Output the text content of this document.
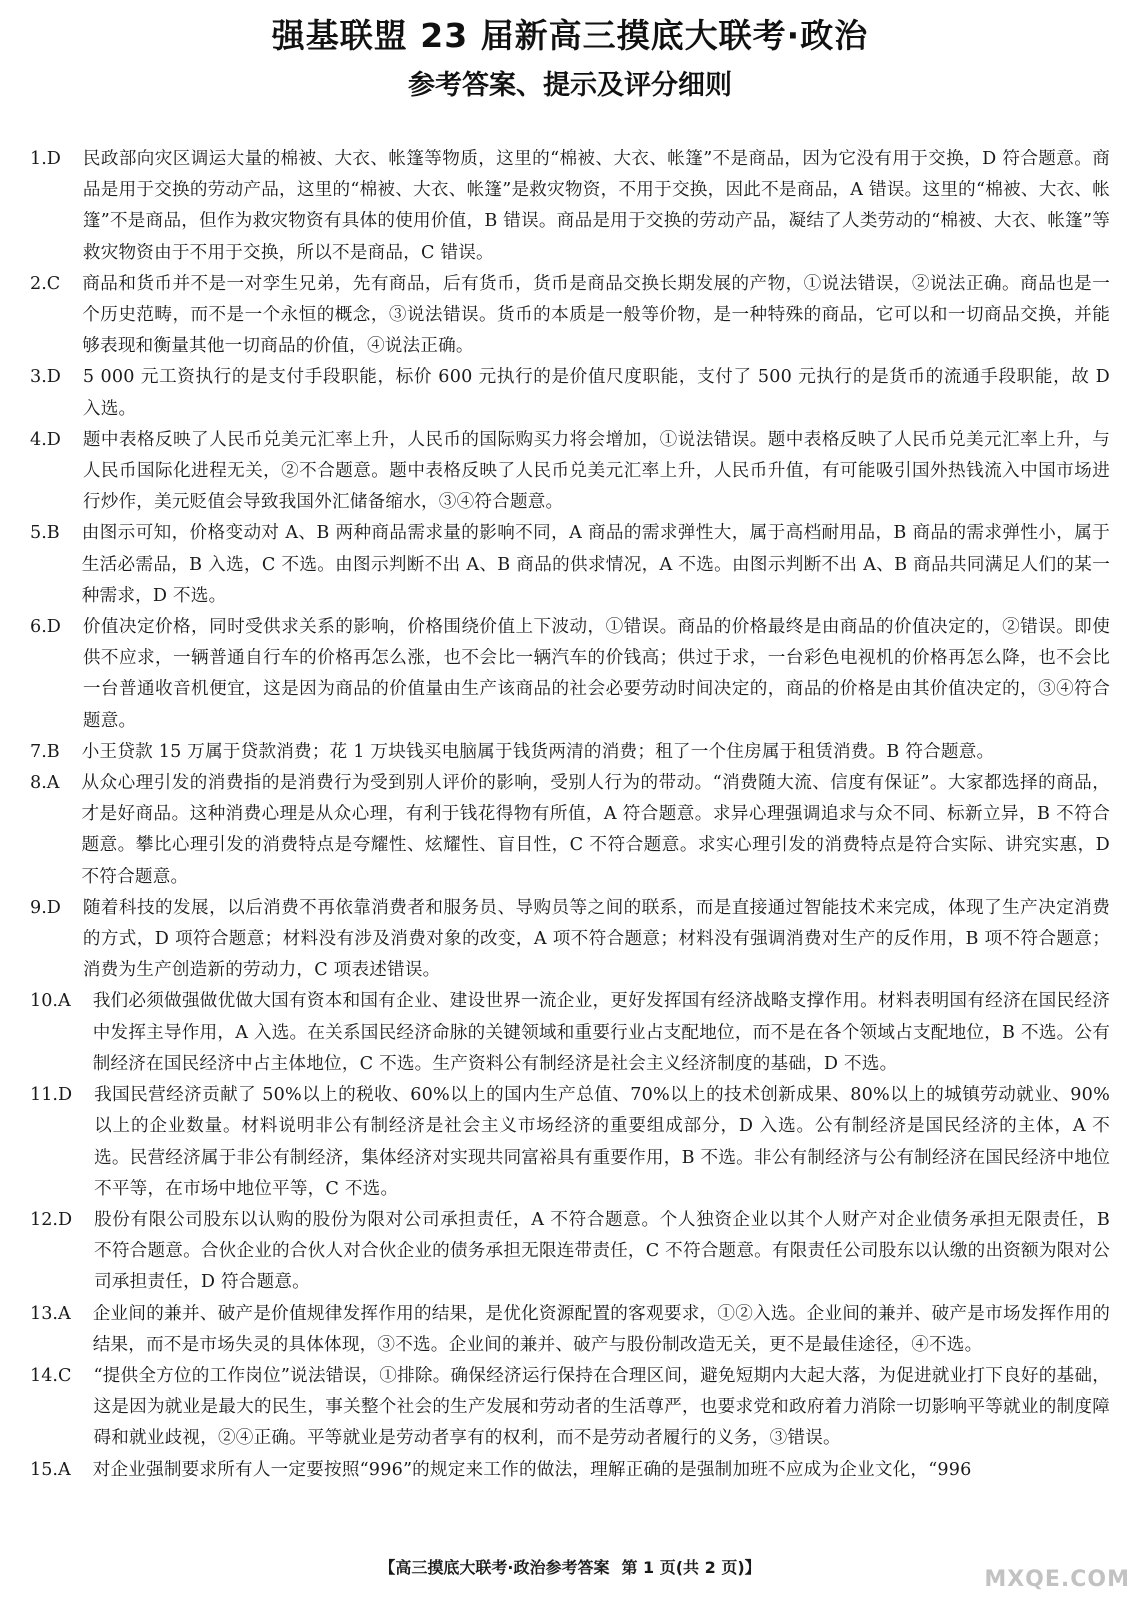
强基联盟 23 届新高三摸底大联考·政治
参考答案、提示及评分细则
1.D	民政部向灾区调运大量的棉被、大衣、帐篷等物质，这里的“棉被、大衣、帐篷”不是商品，因为它没有用于交换，D 符合题意。商品是用于交换的劳动产品，这里的“棉被、大衣、帐篷”是救灾物资，不用于交换，因此不是商品，A 错误。这里的“棉被、大衣、帐篷”不是商品，但作为救灾物资有具体的使用价值，B 错误。商品是用于交换的劳动产品，凝结了人类劳动的“棉被、大衣、帐篷”等救灾物资由于不用于交换，所以不是商品，C 错误。
2.C	商品和货币并不是一对孪生兄弟，先有商品，后有货币，货币是商品交换长期发展的产物，①说法错误，②说法正确。商品也是一个历史范畴，而不是一个永恒的概念，③说法错误。货币的本质是一般等价物，是一种特殊的商品，它可以和一切商品交换，并能够表现和衡量其他一切商品的价值，④说法正确。
3.D	5 000 元工资执行的是支付手段职能，标价 600 元执行的是价值尺度职能，支付了 500 元执行的是货币的流通手段职能，故 D 入选。
4.D	题中表格反映了人民币兑美元汇率上升，人民币的国际购买力将会增加，①说法错误。题中表格反映了人民币兑美元汇率上升，与人民币国际化进程无关，②不合题意。题中表格反映了人民币兑美元汇率上升，人民币升值，有可能吸引国外热钱流入中国市场进行炒作，美元贬值会导致我国外汇储备缩水，③④符合题意。
5.B	由图示可知，价格变动对 A、B 两种商品需求量的影响不同，A 商品的需求弹性大，属于高档耐用品，B 商品的需求弹性小，属于生活必需品，B 入选，C 不选。由图示判断不出 A、B 商品的供求情况，A 不选。由图示判断不出 A、B 商品共同满足人们的某一种需求，D 不选。
6.D	价值决定价格，同时受供求关系的影响，价格围绕价值上下波动，①错误。商品的价格最终是由商品的价值决定的，②错误。即使供不应求，一辆普通自行车的价格再怎么涨，也不会比一辆汽车的价钱高；供过于求，一台彩色电视机的价格再怎么降，也不会比一台普通收音机便宜，这是因为商品的价值量由生产该商品的社会必要劳动时间决定的，商品的价格是由其价值决定的，③④符合题意。
7.B	小王贷款 15 万属于贷款消费；花 1 万块钱买电脑属于钱货两清的消费；租了一个住房属于租赁消费。B 符合题意。
8.A	从众心理引发的消费指的是消费行为受到别人评价的影响，受别人行为的带动。“消费随大流、信度有保证”。大家都选择的商品，才是好商品。这种消费心理是从众心理，有利于钱花得物有所值，A 符合题意。求异心理强调追求与众不同、标新立异，B 不符合题意。攀比心理引发的消费特点是夸耀性、炫耀性、盲目性，C 不符合题意。求实心理引发的消费特点是符合实际、讲究实惠，D 不符合题意。
9.D	随着科技的发展，以后消费不再依靠消费者和服务员、导购员等之间的联系，而是直接通过智能技术来完成，体现了生产决定消费的方式，D 项符合题意；材料没有涉及消费对象的改变，A 项不符合题意；材料没有强调消费对生产的反作用，B 项不符合题意；消费为生产创造新的劳动力，C 项表述错误。
10.A	我们必须做强做优做大国有资本和国有企业、建设世界一流企业，更好发挥国有经济战略支撑作用。材料表明国有经济在国民经济中发挥主导作用，A 入选。在关系国民经济命脉的关键领域和重要行业占支配地位，而不是在各个领域占支配地位，B 不选。公有制经济在国民经济中占主体地位，C 不选。生产资料公有制经济是社会主义经济制度的基础，D 不选。
11.D	我国民营经济贡献了 50%以上的税收、60%以上的国内生产总值、70%以上的技术创新成果、80%以上的城镇劳动就业、90%以上的企业数量。材料说明非公有制经济是社会主义市场经济的重要组成部分，D 入选。公有制经济是国民经济的主体，A 不选。民营经济属于非公有制经济，集体经济对实现共同富裕具有重要作用，B 不选。非公有制经济与公有制经济在国民经济中地位不平等，在市场中地位平等，C 不选。
12.D	股份有限公司股东以认购的股份为限对公司承担责任，A 不符合题意。个人独资企业以其个人财产对企业债务承担无限责任，B 不符合题意。合伙企业的合伙人对合伙企业的债务承担无限连带责任，C 不符合题意。有限责任公司股东以认缴的出资额为限对公司承担责任，D 符合题意。
13.A	企业间的兼并、破产是价值规律发挥作用的结果，是优化资源配置的客观要求，①②入选。企业间的兼并、破产是市场发挥作用的结果，而不是市场失灵的具体体现，③不选。企业间的兼并、破产与股份制改造无关，更不是最佳途径，④不选。
14.C	“提供全方位的工作岗位”说法错误，①排除。确保经济运行保持在合理区间，避免短期内大起大落，为促进就业打下良好的基础，这是因为就业是最大的民生，事关整个社会的生产发展和劳动者的生活尊严，也要求党和政府着力消除一切影响平等就业的制度障碍和就业歧视，②④正确。平等就业是劳动者享有的权利，而不是劳动者履行的义务，③错误。
15.A	对企业强制要求所有人一定要按照“996”的规定来工作的做法，理解正确的是强制加班不应成为企业文化，“996
【高三摸底大联考·政治参考答案 第 1 页(共 2 页)】	MXQE.COM
